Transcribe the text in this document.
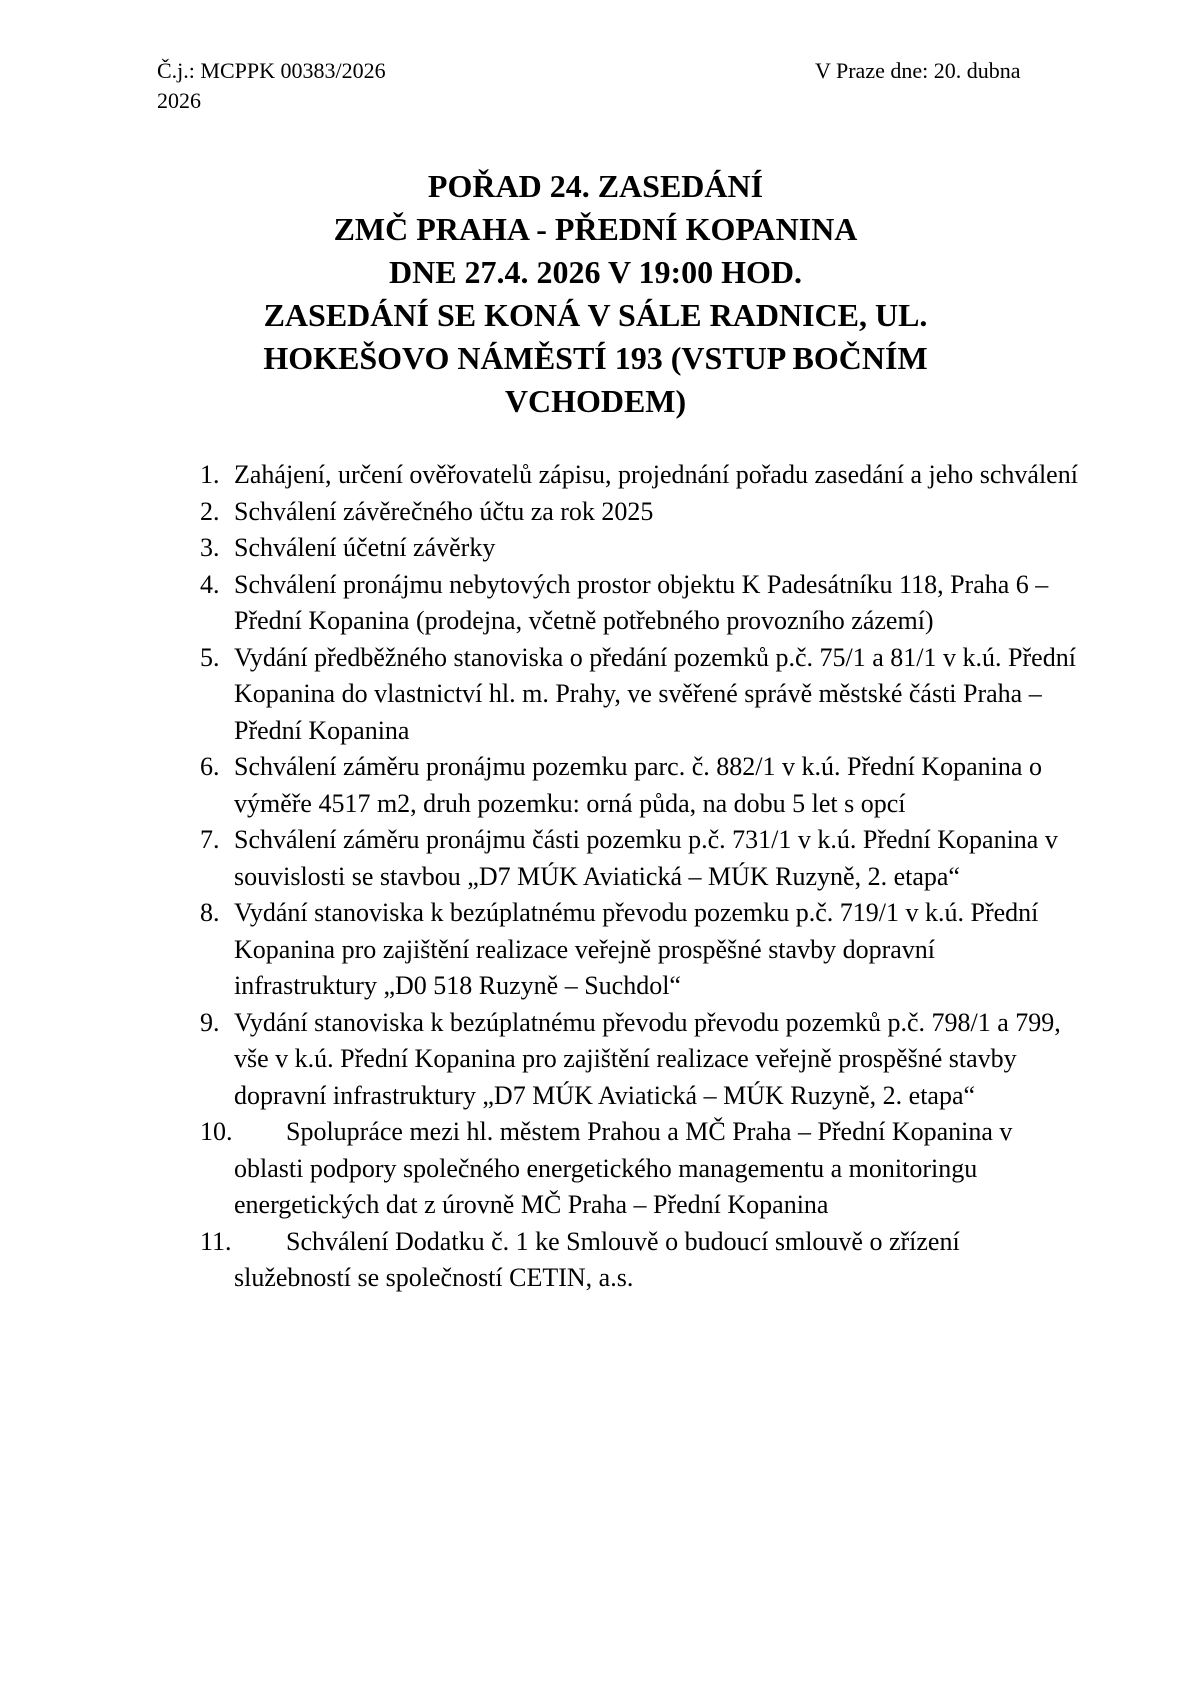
Č.j.: MCPPK 00383/2026
2026
V Praze dne: 20. dubna
POŘAD 24. ZASEDÁNÍ
ZMČ PRAHA - PŘEDNÍ KOPANINA
DNE 27.4. 2026 V 19:00 HOD.
ZASEDÁNÍ SE KONÁ V SÁLE RADNICE, UL.
HOKEŠOVO NÁMĚSTÍ 193 (VSTUP BOČNÍM
VCHODEM)
1. Zahájení, určení ověřovatelů zápisu, projednání pořadu zasedání a jeho schválení
2. Schválení závěrečného účtu za rok 2025
3. Schválení účetní závěrky
4. Schválení pronájmu nebytových prostor objektu K Padesátníku 118, Praha 6 – Přední Kopanina (prodejna, včetně potřebného provozního zázemí)
5. Vydání předběžného stanoviska o předání pozemků p.č. 75/1 a 81/1 v k.ú. Přední Kopanina do vlastnictví hl. m. Prahy, ve svěřené správě městské části Praha – Přední Kopanina
6. Schválení záměru pronájmu pozemku parc. č. 882/1 v k.ú. Přední Kopanina o výměře 4517 m2, druh pozemku: orná půda, na dobu 5 let s opcí
7. Schválení záměru pronájmu části pozemku p.č. 731/1 v k.ú. Přední Kopanina v souvislosti se stavbou „D7 MÚK Aviatická – MÚK Ruzyně, 2. etapa“
8. Vydání stanoviska k bezúplatnému převodu pozemku p.č. 719/1 v k.ú. Přední Kopanina pro zajištění realizace veřejně prospěšné stavby dopravní infrastruktury „D0 518 Ruzyně – Suchdol“
9. Vydání stanoviska k bezúplatnému převodu převodu pozemků p.č. 798/1 a 799, vše v k.ú. Přední Kopanina pro zajištění realizace veřejně prospěšné stavby dopravní infrastruktury „D7 MÚK Aviatická – MÚK Ruzyně, 2. etapa“
10.	Spolupráce mezi hl. městem Prahou a MČ Praha – Přední Kopanina v oblasti podpory společného energetického managementu a monitoringu energetických dat z úrovně MČ Praha – Přední Kopanina
11.	Schválení Dodatku č. 1 ke Smlouvě o budoucí smlouvě o zřízení služebností se společností CETIN, a.s.
